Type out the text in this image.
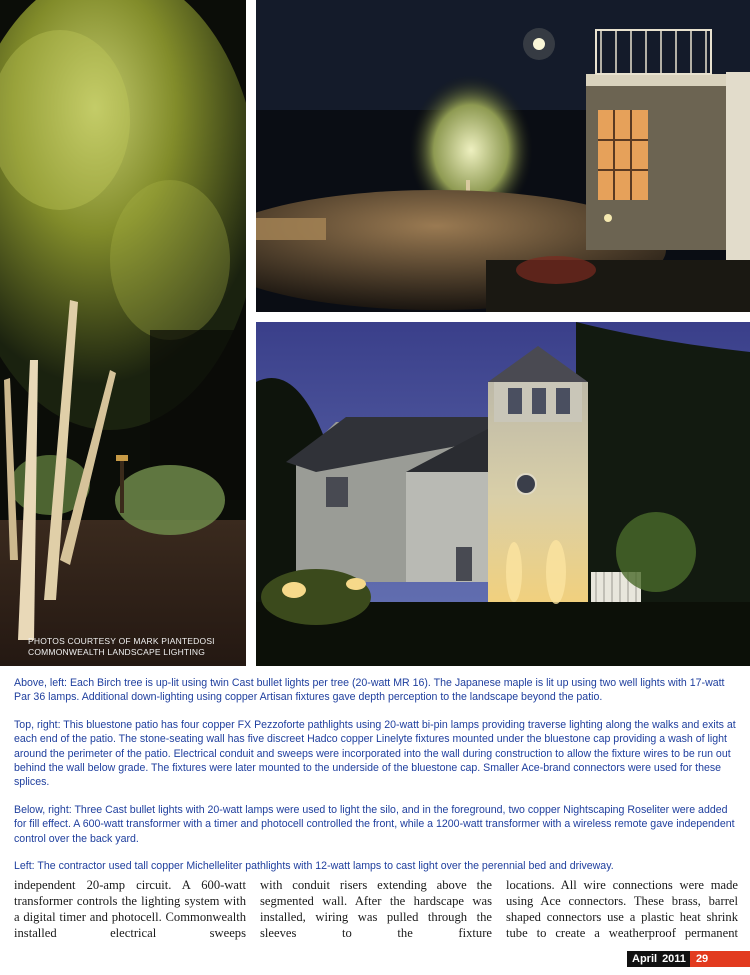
PHOTOS COURTESY OF MARK PIANTEDOSI
COMMONWEALTH LANDSCAPE LIGHTING

Above, left: Each Birch tree is up-lit using twin Cast bullet lights per tree (20-watt MR 16). The Japanese maple is lit up using two well lights with 17-watt Par 36 lamps. Additional down-lighting using copper Artisan fixtures gave depth perception to the landscape beyond the patio.

Top, right: This bluestone patio has four copper FX Pezzoforte pathlights using 20-watt bi-pin lamps providing traverse lighting along the walks and exits at each end of the patio. The stone-seating wall has five discreet Hadco copper Linelyte fixtures mounted under the bluestone cap providing a wash of light around the perimeter of the patio. Electrical conduit and sweeps were incorporated into the wall during construction to allow the fixture wires to be run out behind the wall below grade. The fixtures were later mounted to the underside of the bluestone cap. Smaller Ace-brand connectors were used for these splices.

Below, right: Three Cast bullet lights with 20-watt lamps were used to light the silo, and in the foreground, two copper Nightscaping Roseliter were added for fill effect. A 600-watt transformer with a timer and photocell controlled the front, while a 1200-watt transformer with a wireless remote gave independent control over the back yard.

Left: The contractor used tall copper Michelleliter pathlights with 12-watt lamps to cast light over the perennial bed and driveway.

independent 20-amp circuit. A 600-watt transformer controls the lighting system with a digital timer and photocell. Commonwealth installed electrical sweeps
with conduit risers extending above the segmented wall. After the hardscape was installed, wiring was pulled through the sleeves to the fixture
locations. All wire connections were made using Ace connectors. These brass, barrel shaped connectors use a plastic heat shrink tube to create a weatherproof permanent
April 2011 29
